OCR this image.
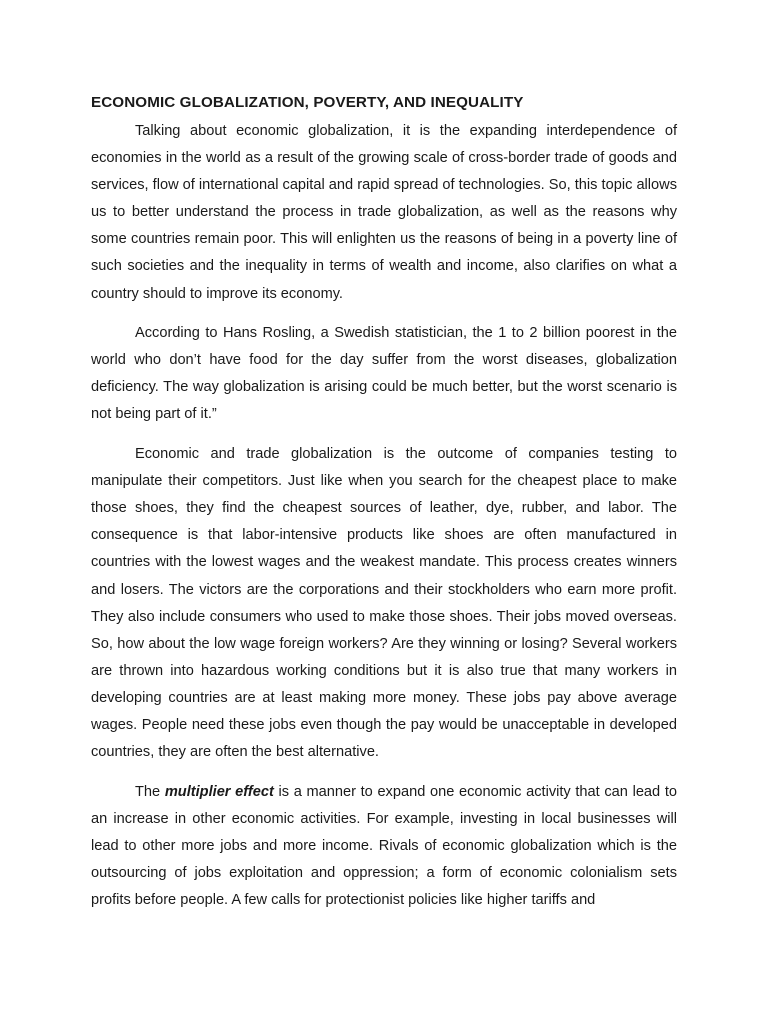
ECONOMIC GLOBALIZATION, POVERTY, AND INEQUALITY

Talking about economic globalization, it is the expanding interdependence of economies in the world as a result of the growing scale of cross-border trade of goods and services, flow of international capital and rapid spread of technologies. So, this topic allows us to better understand the process in trade globalization, as well as the reasons why some countries remain poor. This will enlighten us the reasons of being in a poverty line of such societies and the inequality in terms of wealth and income, also clarifies on what a country should to improve its economy.

According to Hans Rosling, a Swedish statistician, the 1 to 2 billion poorest in the world who don’t have food for the day suffer from the worst diseases, globalization deficiency. The way globalization is arising could be much better, but the worst scenario is not being part of it.”

Economic and trade globalization is the outcome of companies testing to manipulate their competitors. Just like when you search for the cheapest place to make those shoes, they find the cheapest sources of leather, dye, rubber, and labor. The consequence is that labor-intensive products like shoes are often manufactured in countries with the lowest wages and the weakest mandate. This process creates winners and losers. The victors are the corporations and their stockholders who earn more profit. They also include consumers who used to make those shoes. Their jobs moved overseas. So, how about the low wage foreign workers? Are they winning or losing? Several workers are thrown into hazardous working conditions but it is also true that many workers in developing countries are at least making more money. These jobs pay above average wages. People need these jobs even though the pay would be unacceptable in developed countries, they are often the best alternative.

The multiplier effect is a manner to expand one economic activity that can lead to an increase in other economic activities. For example, investing in local businesses will lead to other more jobs and more income. Rivals of economic globalization which is the outsourcing of jobs exploitation and oppression; a form of economic colonialism sets profits before people. A few calls for protectionist policies like higher tariffs and
